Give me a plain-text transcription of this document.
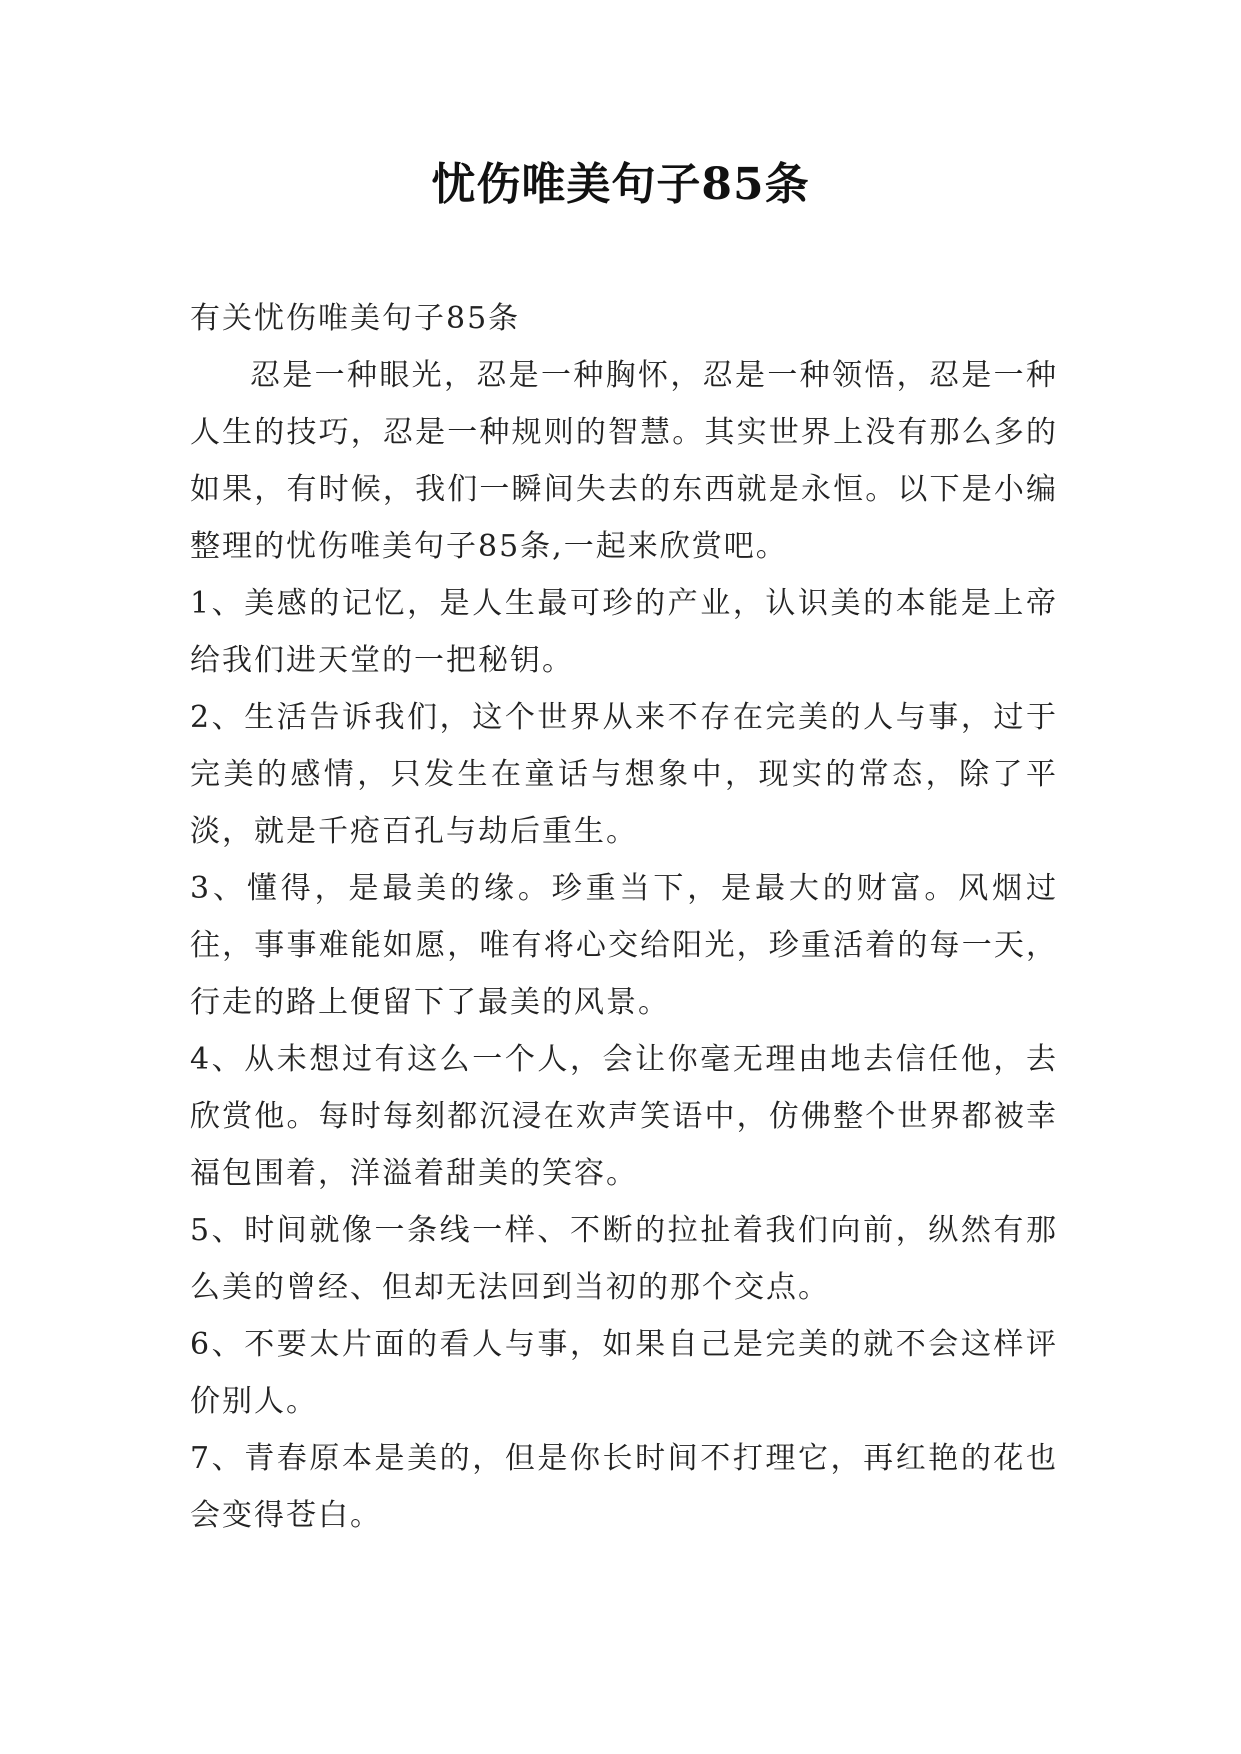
忧伤唯美句子85条

有关忧伤唯美句子85条

忍是一种眼光，忍是一种胸怀，忍是一种领悟，忍是一种人生的技巧，忍是一种规则的智慧。其实世界上没有那么多的如果，有时候，我们一瞬间失去的东西就是永恒。以下是小编整理的忧伤唯美句子85条,一起来欣赏吧。

1、美感的记忆，是人生最可珍的产业，认识美的本能是上帝给我们进天堂的一把秘钥。

2、生活告诉我们，这个世界从来不存在完美的人与事，过于完美的感情，只发生在童话与想象中，现实的常态，除了平淡，就是千疮百孔与劫后重生。

3、懂得，是最美的缘。珍重当下，是最大的财富。风烟过往，事事难能如愿，唯有将心交给阳光，珍重活着的每一天，行走的路上便留下了最美的风景。

4、从未想过有这么一个人，会让你毫无理由地去信任他，去欣赏他。每时每刻都沉浸在欢声笑语中，仿佛整个世界都被幸福包围着，洋溢着甜美的笑容。

5、时间就像一条线一样、不断的拉扯着我们向前，纵然有那么美的曾经、但却无法回到当初的那个交点。

6、不要太片面的看人与事，如果自己是完美的就不会这样评价别人。

7、青春原本是美的，但是你长时间不打理它，再红艳的花也会变得苍白。
